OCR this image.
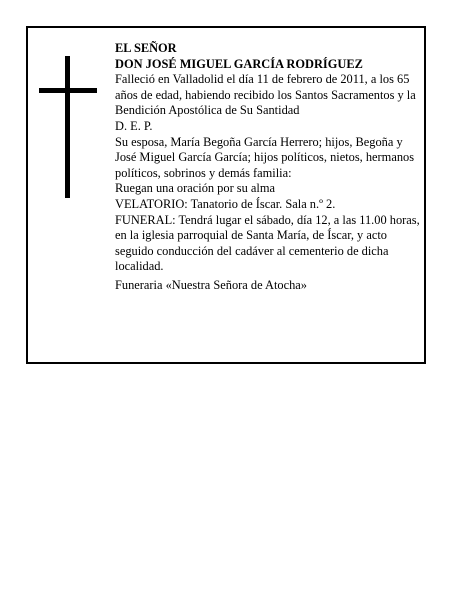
EL SEÑOR

DON JOSÉ MIGUEL GARCÍA RODRÍGUEZ

Falleció en Valladolid el día 11 de febrero de 2011, a los 65 años de edad, habiendo recibido los Santos Sacramentos y la Bendición Apostólica de Su Santidad

D. E. P.

Su esposa, María Begoña García Herrero; hijos, Begoña y José Miguel García García; hijos políticos, nietos, hermanos políticos, sobrinos y demás familia:

Ruegan una oración por su alma

VELATORIO: Tanatorio de Íscar. Sala n.º 2.

FUNERAL: Tendrá lugar el sábado, día 12, a las 11.00 horas, en la iglesia parroquial de Santa María, de Íscar, y acto seguido conducción del cadáver al cementerio de dicha localidad.

Funeraria «Nuestra Señora de Atocha»
